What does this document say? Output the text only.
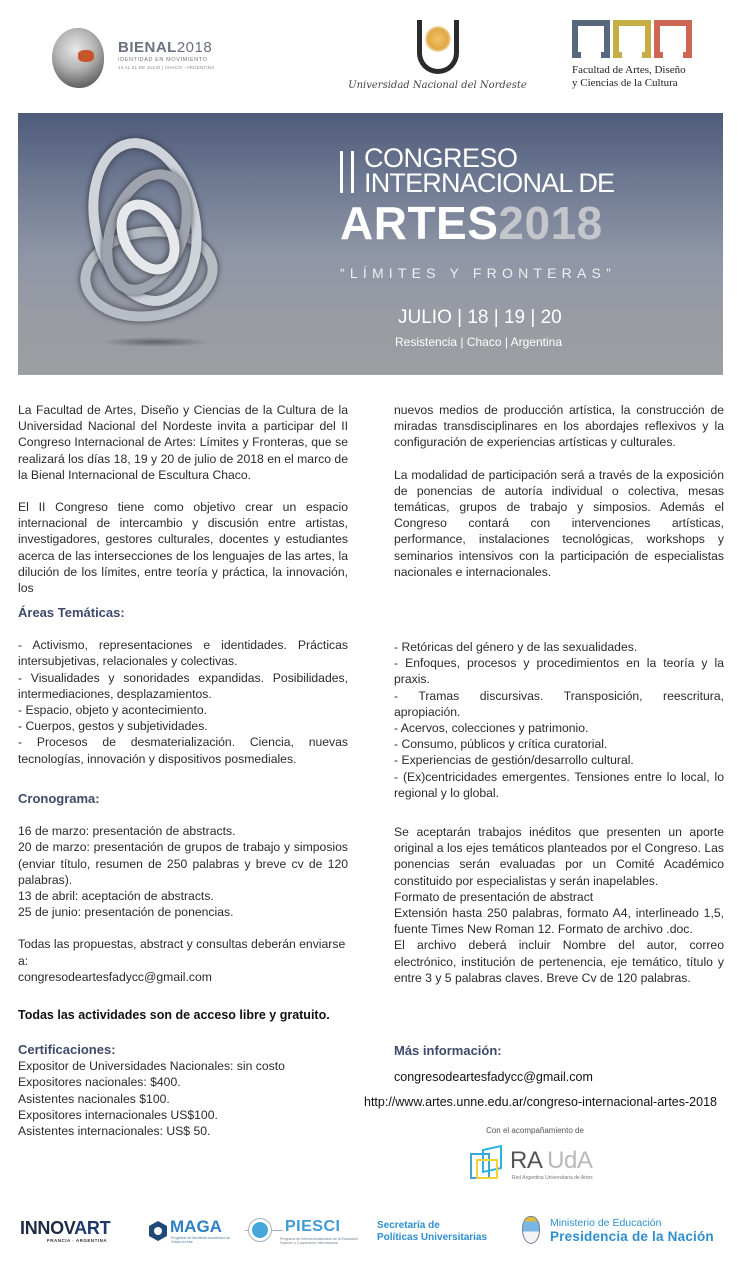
BIENAL2018
IDENTIDAD EN MOVIMIENTO
14 AL 21 DE JULIO | CHACO - ARGENTINA
Universidad Nacional del Nordeste
Facultad de Artes, Diseño
y Ciencias de la Cultura
CONGRESO
INTERNACIONAL DE
ARTES2018
“LÍMITES Y FRONTERAS”
JULIO | 18 | 19 | 20
Resistencia | Chaco | Argentina

La Facultad de Artes, Diseño y Ciencias de la Cultura de la Universidad Nacional del Nordeste invita a participar del II Congreso Internacional de Artes: Límites y Fronteras, que se realizará los días 18, 19 y 20 de julio de 2018 en el marco de la Bienal Internacional de Escultura Chaco.

El II Congreso tiene como objetivo crear un espacio internacional de intercambio y discusión entre artistas, investigadores, gestores culturales, docentes y estudiantes acerca de las intersecciones de los lenguajes de las artes, la dilución de los límites, entre teoría y práctica, la innovación, los

nuevos medios de producción artística, la construcción de miradas transdisciplinares en los abordajes reflexivos y la configuración de experiencias artísticas y culturales.

La modalidad de participación será a través de la exposición de ponencias de autoría individual o colectiva, mesas temáticas, grupos de trabajo y simposios. Además el Congreso contará con intervenciones artísticas, performance, instalaciones tecnológicas, workshops y seminarios intensivos con la participación de especialistas nacionales e internacionales.

Áreas Temáticas:
- Activismo, representaciones e identidades. Prácticas intersubjetivas, relacionales y colectivas.
- Visualidades y sonoridades expandidas. Posibilidades, intermediaciones, desplazamientos.
- Espacio, objeto y acontecimiento.
- Cuerpos, gestos y subjetividades.
- Procesos de desmaterialización. Ciencia, nuevas tecnologías, innovación y dispositivos posmediales.
- Retóricas del género y de las sexualidades.
- Enfoques, procesos y procedimientos en la teoría y la praxis.
- Tramas discursivas. Transposición, reescritura, apropiación.
- Acervos, colecciones y patrimonio.
- Consumo, públicos y crítica curatorial.
- Experiencias de gestión/desarrollo cultural.
- (Ex)centricidades emergentes. Tensiones entre lo local, lo regional y lo global.
Cronograma:
16 de marzo: presentación de abstracts.
20 de marzo: presentación de grupos de trabajo y simposios (enviar título, resumen de 250 palabras y breve cv de 120 palabras).
13 de abril: aceptación de abstracts.
25 de junio: presentación de ponencias.
Todas las propuestas, abstract y consultas deberán enviarse a:
congresodeartesfadycc@gmail.com

Se aceptarán trabajos inéditos que presenten un aporte original a los ejes temáticos planteados por el Congreso. Las ponencias serán evaluadas por un Comité Académico constituido por especialistas y serán inapelables.

Formato de presentación de abstract

Extensión hasta 250 palabras, formato A4, interlineado 1,5, fuente Times New Roman 12. Formato de archivo .doc.

El archivo deberá incluir Nombre del autor, correo electrónico, institución de pertenencia, eje temático, título y entre 3 y 5 palabras claves. Breve Cv de 120 palabras.

Todas las actividades son de acceso libre y gratuito.
Certificaciones:
Expositor de Universidades Nacionales: sin costo
Expositores nacionales: $400.
Asistentes nacionales $100.
Expositores internacionales US$100.
Asistentes internacionales: US$ 50.
Más información:
congresodeartesfadycc@gmail.com
http://www.artes.unne.edu.ar/congreso-internacional-artes-2018
Con el acompañamiento de
RA UdA
Red Argentina Universitaria de Artes
INNOVART
FRANCIA · ARGENTINA
MAGA
Programa de Movilidad Académica de Grado en Arte
PIESCI
Programa de Internacionalización de la Educación Superior y Cooperación Internacional
Secretaría de
Políticas Universitarias
Ministerio de Educación
Presidencia de la Nación
